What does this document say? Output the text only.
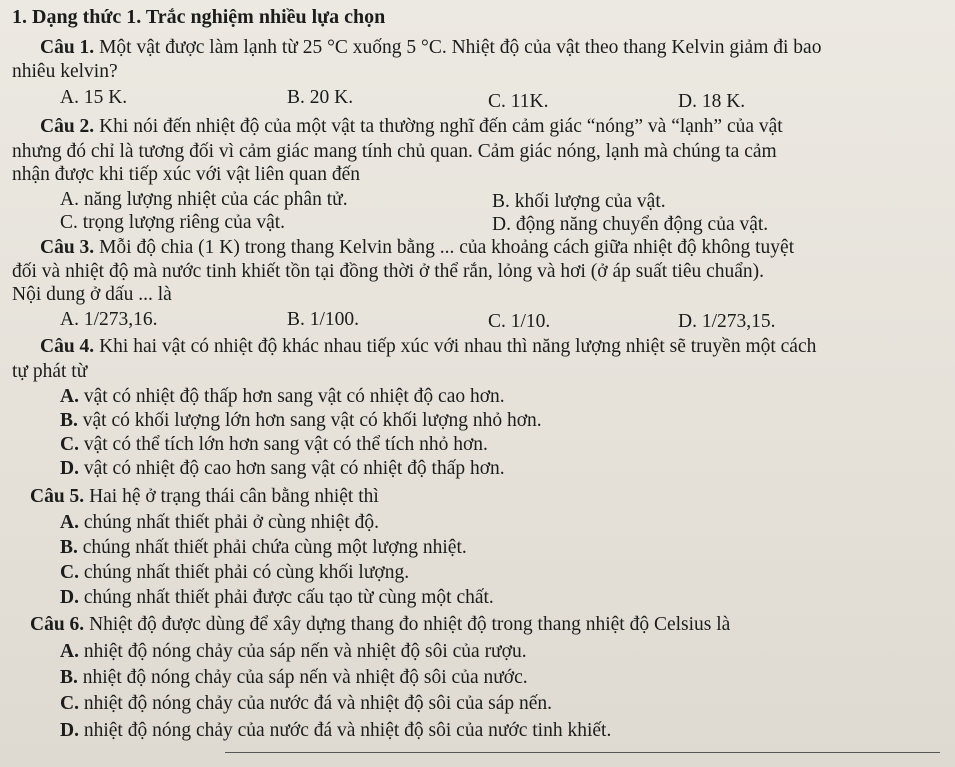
1. Dạng thức 1. Trắc nghiệm nhiều lựa chọn
Câu 1. Một vật được làm lạnh từ 25 °C xuống 5 °C. Nhiệt độ của vật theo thang Kelvin giảm đi bao
nhiêu kelvin?
A. 15 K.	B. 20 K.	C. 11K.	D. 18 K.
Câu 2. Khi nói đến nhiệt độ của một vật ta thường nghĩ đến cảm giác “nóng” và “lạnh” của vật
nhưng đó chỉ là tương đối vì cảm giác mang tính chủ quan. Cảm giác nóng, lạnh mà chúng ta cảm
nhận được khi tiếp xúc với vật liên quan đến
A. năng lượng nhiệt của các phân tử.	B. khối lượng của vật.
C. trọng lượng riêng của vật.	D. động năng chuyển động của vật.
Câu 3. Mỗi độ chia (1 K) trong thang Kelvin bằng ... của khoảng cách giữa nhiệt độ không tuyệt
đối và nhiệt độ mà nước tinh khiết tồn tại đồng thời ở thể rắn, lỏng và hơi (ở áp suất tiêu chuẩn).
Nội dung ở dấu ... là
A. 1/273,16.	B. 1/100.	C. 1/10.	D. 1/273,15.
Câu 4. Khi hai vật có nhiệt độ khác nhau tiếp xúc với nhau thì năng lượng nhiệt sẽ truyền một cách
tự phát từ
A. vật có nhiệt độ thấp hơn sang vật có nhiệt độ cao hơn.
B. vật có khối lượng lớn hơn sang vật có khối lượng nhỏ hơn.
C. vật có thể tích lớn hơn sang vật có thể tích nhỏ hơn.
D. vật có nhiệt độ cao hơn sang vật có nhiệt độ thấp hơn.
Câu 5. Hai hệ ở trạng thái cân bằng nhiệt thì
A. chúng nhất thiết phải ở cùng nhiệt độ.
B. chúng nhất thiết phải chứa cùng một lượng nhiệt.
C. chúng nhất thiết phải có cùng khối lượng.
D. chúng nhất thiết phải được cấu tạo từ cùng một chất.
Câu 6. Nhiệt độ được dùng để xây dựng thang đo nhiệt độ trong thang nhiệt độ Celsius là
A. nhiệt độ nóng chảy của sáp nến và nhiệt độ sôi của rượu.
B. nhiệt độ nóng chảy của sáp nến và nhiệt độ sôi của nước.
C. nhiệt độ nóng chảy của nước đá và nhiệt độ sôi của sáp nến.
D. nhiệt độ nóng chảy của nước đá và nhiệt độ sôi của nước tinh khiết.
